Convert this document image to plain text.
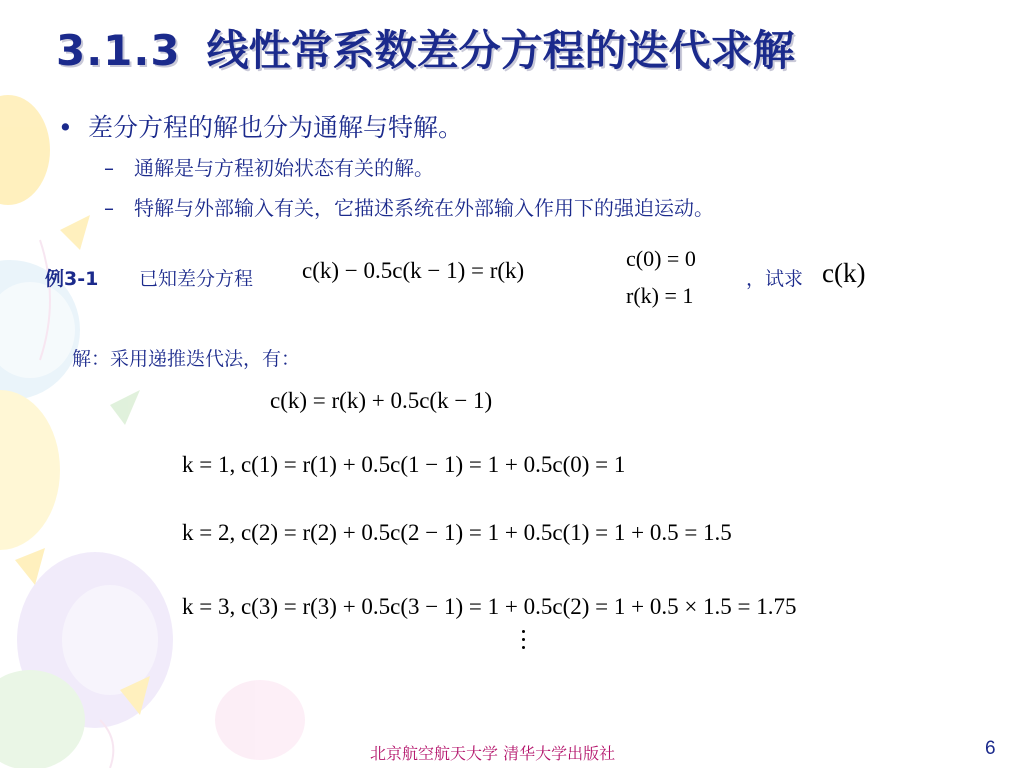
3.1.3 线性常系数差分方程的迭代求解
• 差分方程的解也分为通解与特解。
– 通解是与方程初始状态有关的解。
– 特解与外部输入有关，它描述系统在外部输入作用下的强迫运动。
例3-1 已知差分方程 c(k) − 0.5c(k − 1) = r(k)	c(0) = 0
r(k) = 1
，试求 c(k)
解：采用递推迭代法，有：
c(k) = r(k) + 0.5c(k − 1)
k = 1, c(1) = r(1) + 0.5c(1 − 1) = 1 + 0.5c(0) = 1
k = 2, c(2) = r(2) + 0.5c(2 − 1) = 1 + 0.5c(1) = 1 + 0.5 = 1.5
k = 3, c(3) = r(3) + 0.5c(3 − 1) = 1 + 0.5c(2) = 1 + 0.5 × 1.5 = 1.75
北京航空航天大学 清华大学出版社	6
